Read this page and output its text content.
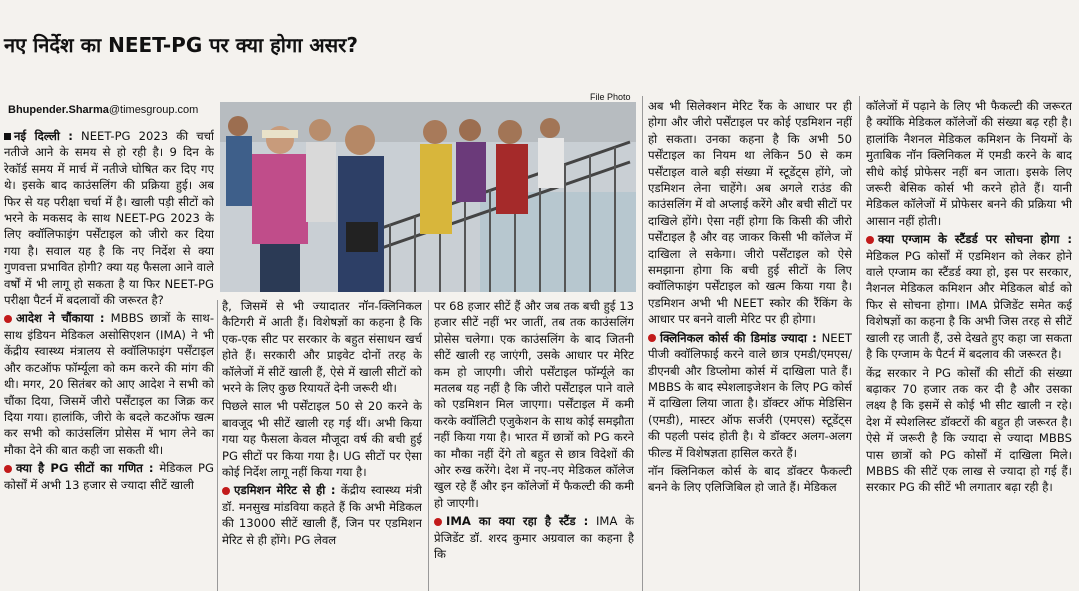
नए निर्देश का NEET-PG पर क्या होगा असर?
Bhupender.Sharma@timesgroup.com
File Photo

नई दिल्ली : NEET-PG 2023 की चर्चा नतीजे आने के समय से हो रही है। 9 दिन के रेकॉर्ड समय में मार्च में नतीजे घोषित कर दिए गए थे। इसके बाद काउंसलिंग की प्रक्रिया हुई। अब फिर से यह परीक्षा चर्चा में है। खाली पड़ी सीटों को भरने के मकसद के साथ NEET-PG 2023 के लिए क्वॉलिफाइंग पर्सेंटाइल को जीरो कर दिया गया है। सवाल यह है कि नए निर्देश से क्या गुणवत्ता प्रभावित होगी? क्या यह फैसला आने वाले वर्षों में भी लागू हो सकता है या फिर NEET-PG परीक्षा पैटर्न में बदलावों की जरूरत है?

आदेश ने चौंकाया : MBBS छात्रों के साथ-साथ इंडियन मेडिकल असोसिएशन (IMA) ने भी केंद्रीय स्वास्थ्य मंत्रालय से क्वॉलिफाइंग पर्सेंटाइल और कटऑफ फॉर्म्यूला को कम करने की मांग की थी। मगर, 20 सितंबर को आए आदेश ने सभी को चौंका दिया, जिसमें जीरो पर्सेंटाइल का जिक्र कर दिया गया। हालांकि, जीरो के बदले कटऑफ खत्म कर सभी को काउंसलिंग प्रोसेस में भाग लेने का मौका देने की बात कही जा सकती थी।

क्या है PG सीटों का गणित : मेडिकल PG कोर्सों में अभी 13 हजार से ज्यादा सीटें खाली

है, जिसमें से भी ज्यादातर नॉन-क्लिनिकल कैटिगरी में आती हैं। विशेषज्ञों का कहना है कि एक-एक सीट पर सरकार के बहुत संसाधन खर्च होते हैं। सरकारी और प्राइवेट दोनों तरह के कॉलेजों में सीटें खाली हैं, ऐसे में खाली सीटों को भरने के लिए कुछ रियायतें देनी जरूरी थी।

पिछले साल भी पर्सेंटाइल 50 से 20 करने के बावजूद भी सीटें खाली रह गई थीं। अभी किया गया यह फैसला केवल मौजूदा वर्ष की बची हुई PG सीटों पर किया गया है। UG सीटों पर ऐसा कोई निर्देश लागू नहीं किया गया है।

एडमिशन मेरिट से ही : केंद्रीय स्वास्थ्य मंत्री डॉ. मनसुख मांडविया कहते हैं कि अभी मेडिकल की 13000 सीटें खाली हैं, जिन पर एडमिशन मेरिट से ही होंगे। PG लेवल

पर 68 हजार सीटें हैं और जब तक बची हुई 13 हजार सीटें नहीं भर जातीं, तब तक काउंसलिंग प्रोसेस चलेगा। एक काउंसलिंग के बाद जितनी सीटें खाली रह जाएंगी, उसके आधार पर मेरिट कम हो जाएगी। जीरो पर्सेंटाइल फॉर्म्यूले का मतलब यह नहीं है कि जीरो पर्सेंटाइल पाने वाले को एडमिशन मिल जाएगा। पर्सेंटाइल में कमी करके क्वॉलिटी एजुकेशन के साथ कोई समझौता नहीं किया गया है। भारत में छात्रों को PG करने का मौका नहीं देंगे तो बहुत से छात्र विदेशों की ओर रुख करेंगे। देश में नए-नए मेडिकल कॉलेज खुल रहे हैं और इन कॉलेजों में फैकल्टी की कमी हो जाएगी।

IMA का क्या रहा है स्टैंड : IMA के प्रेजिडेंट डॉ. शरद कुमार अग्रवाल का कहना है कि

अब भी सिलेक्शन मेरिट रैंक के आधार पर ही होगा और जीरो पर्सेंटाइल पर कोई एडमिशन नहीं हो सकता। उनका कहना है कि अभी 50 पर्सेंटाइल का नियम था लेकिन 50 से कम पर्सेंटाइल वाले बड़ी संख्या में स्टूडेंट्स होंगे, जो एडमिशन लेना चाहेंगे। अब अगले राउंड की काउंसलिंग में वो अप्लाई करेंगे और बची सीटों पर दाखिले होंगे। ऐसा नहीं होगा कि किसी की जीरो पर्सेंटाइल है और वह जाकर किसी भी कॉलेज में दाखिला ले सकेगा। जीरो पर्सेंटाइल को ऐसे समझाना होगा कि बची हुई सीटों के लिए क्वॉलिफाइंग पर्सेंटाइल को खत्म किया गया है। एडमिशन अभी भी NEET स्कोर की रैंकिंग के आधार पर बनने वाली मेरिट पर ही होगा।

क्लिनिकल कोर्स की डिमांड ज्यादा : NEET पीजी क्वॉलिफाई करने वाले छात्र एमडी/एमएस/डीएनबी और डिप्लोमा कोर्स में दाखिला पाते हैं। MBBS के बाद स्पेशलाइजेशन के लिए PG कोर्स में दाखिला लिया जाता है। डॉक्टर ऑफ मेडिसिन (एमडी), मास्टर ऑफ सर्जरी (एमएस) स्टूडेंट्स की पहली पसंद होती है। ये डॉक्टर अलग-अलग फील्ड में विशेषज्ञता हासिल करते हैं।

नॉन क्लिनिकल कोर्स के बाद डॉक्टर फैकल्टी बनने के लिए एलिजिबिल हो जाते हैं। मेडिकल

कॉलेजों में पढ़ाने के लिए भी फैकल्टी की जरूरत है क्योंकि मेडिकल कॉलेजों की संख्या बढ़ रही है। हालांकि नैशनल मेडिकल कमिशन के नियमों के मुताबिक नॉन क्लिनिकल में एमडी करने के बाद सीधे कोई प्रोफेसर नहीं बन जाता। इसके लिए जरूरी बेसिक कोर्स भी करने होते हैं। यानी मेडिकल कॉलेजों में प्रोफेसर बनने की प्रक्रिया भी आसान नहीं होती।

क्या एग्जाम के स्टैंडर्ड पर सोचना होगा : मेडिकल PG कोर्सों में एडमिशन को लेकर होने वाले एग्जाम का स्टैंडर्ड क्या हो, इस पर सरकार, नैशनल मेडिकल कमिशन और मेडिकल बोर्ड को फिर से सोचना होगा। IMA प्रेजिडेंट समेत कई विशेषज्ञों का कहना है कि अभी जिस तरह से सीटें खाली रह जाती हैं, उसे देखते हुए कहा जा सकता है कि एग्जाम के पैटर्न में बदलाव की जरूरत है।

केंद्र सरकार ने PG कोर्सों की सीटों की संख्या बढ़ाकर 70 हजार तक कर दी है और उसका लक्ष्य है कि इसमें से कोई भी सीट खाली न रहे। देश में स्पेशलिस्ट डॉक्टरों की बहुत ही जरूरत है। ऐसे में जरूरी है कि ज्यादा से ज्यादा MBBS पास छात्रों को PG कोर्सों में दाखिला मिले। MBBS की सीटें एक लाख से ज्यादा हो गई हैं। सरकार PG की सीटें भी लगातार बढ़ा रही है।
